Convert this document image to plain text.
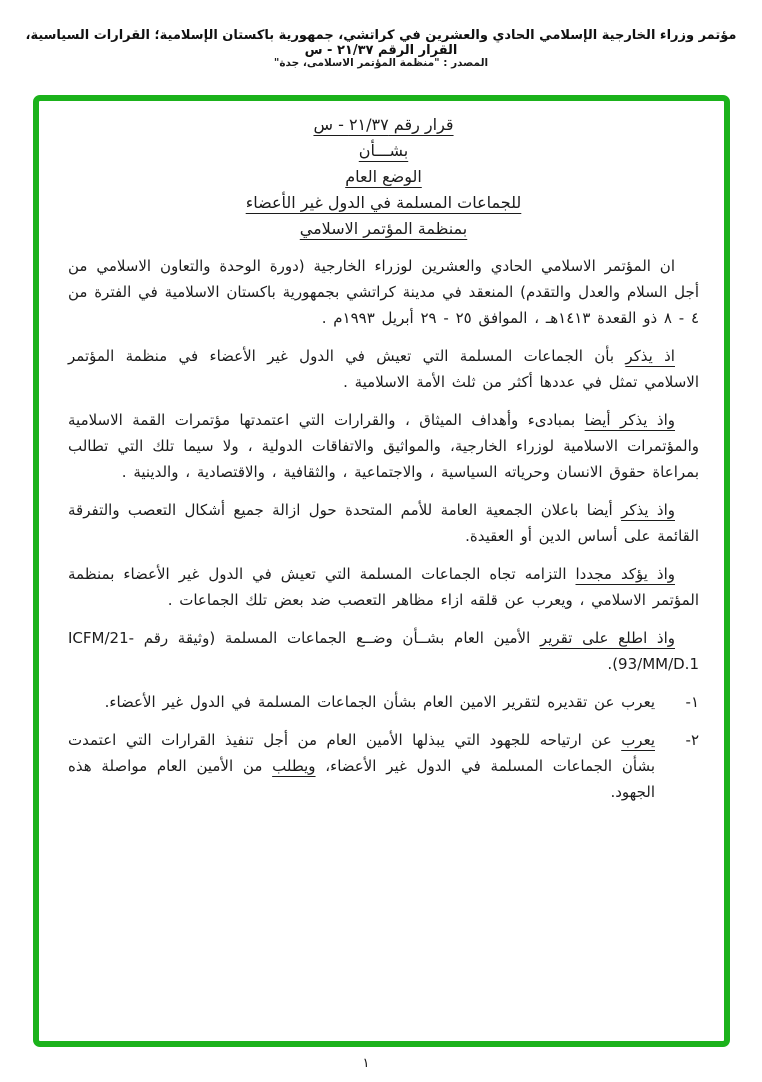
مؤتمر وزراء الخارجية الإسلامي الحادي والعشرين في كراتشي، جمهورية باكستان الإسلامية؛ القرارات السياسية، القرار الرقم ٢١/٣٧ - س
المصدر : "منظمة المؤتمر الاسلامى، جدة"
قرار رقم ٢١/٣٧ - س
بشـــأن
الوضع العام
للجماعات المسلمة في الدول غير الأعضاء
بمنظمة المؤتمر الاسلامي

ان المؤتمر الاسلامي الحادي والعشرين لوزراء الخارجية (دورة الوحدة والتعاون الاسلامي من أجل السلام والعدل والتقدم) المنعقد في مدينة كراتشي بجمهورية باكستان الاسلامية في الفترة من ٤ - ٨ ذو القعدة ١٤١٣هـ ، الموافق ٢٥ - ٢٩ أبريل ١٩٩٣م .

اذ يذكر بأن الجماعات المسلمة التي تعيش في الدول غير الأعضاء في منظمة المؤتمر الاسلامي تمثل في عددها أكثر من ثلث الأمة الاسلامية .

واذ يذكر أيضا بمبادىء وأهداف الميثاق ، والقرارات التي اعتمدتها مؤتمرات القمة الاسلامية والمؤتمرات الاسلامية لوزراء الخارجية، والمواثيق والاتفاقات الدولية ، ولا سيما تلك التي تطالب بمراعاة حقوق الانسان وحرياته السياسية ، والاجتماعية ، والثقافية ، والاقتصادية ، والدينية .

واذ يذكر أيضا باعلان الجمعية العامة للأمم المتحدة حول ازالة جميع أشكال التعصب والتفرقة القائمة على أساس الدين أو العقيدة.

واذ يؤكد مجددا التزامه تجاه الجماعات المسلمة التي تعيش في الدول غير الأعضاء بمنظمة المؤتمر الاسلامي ، ويعرب عن قلقه ازاء مظاهر التعصب ضد بعض تلك الجماعات .

واذ اطلع على تقرير الأمين العام بشــأن وضــع الجماعات المسلمة (وثيقة رقم ICFM/21-93/MM/D.1).

١-
يعرب عن تقديره لتقرير الامين العام بشأن الجماعات المسلمة في الدول غير الأعضاء.
٢-
يعرب عن ارتياحه للجهود التي يبذلها الأمين العام من أجل تنفيذ القرارات التي اعتمدت بشأن الجماعات المسلمة في الدول غير الأعضاء، ويطلب من الأمين العام مواصلة هذه الجهود.
١
